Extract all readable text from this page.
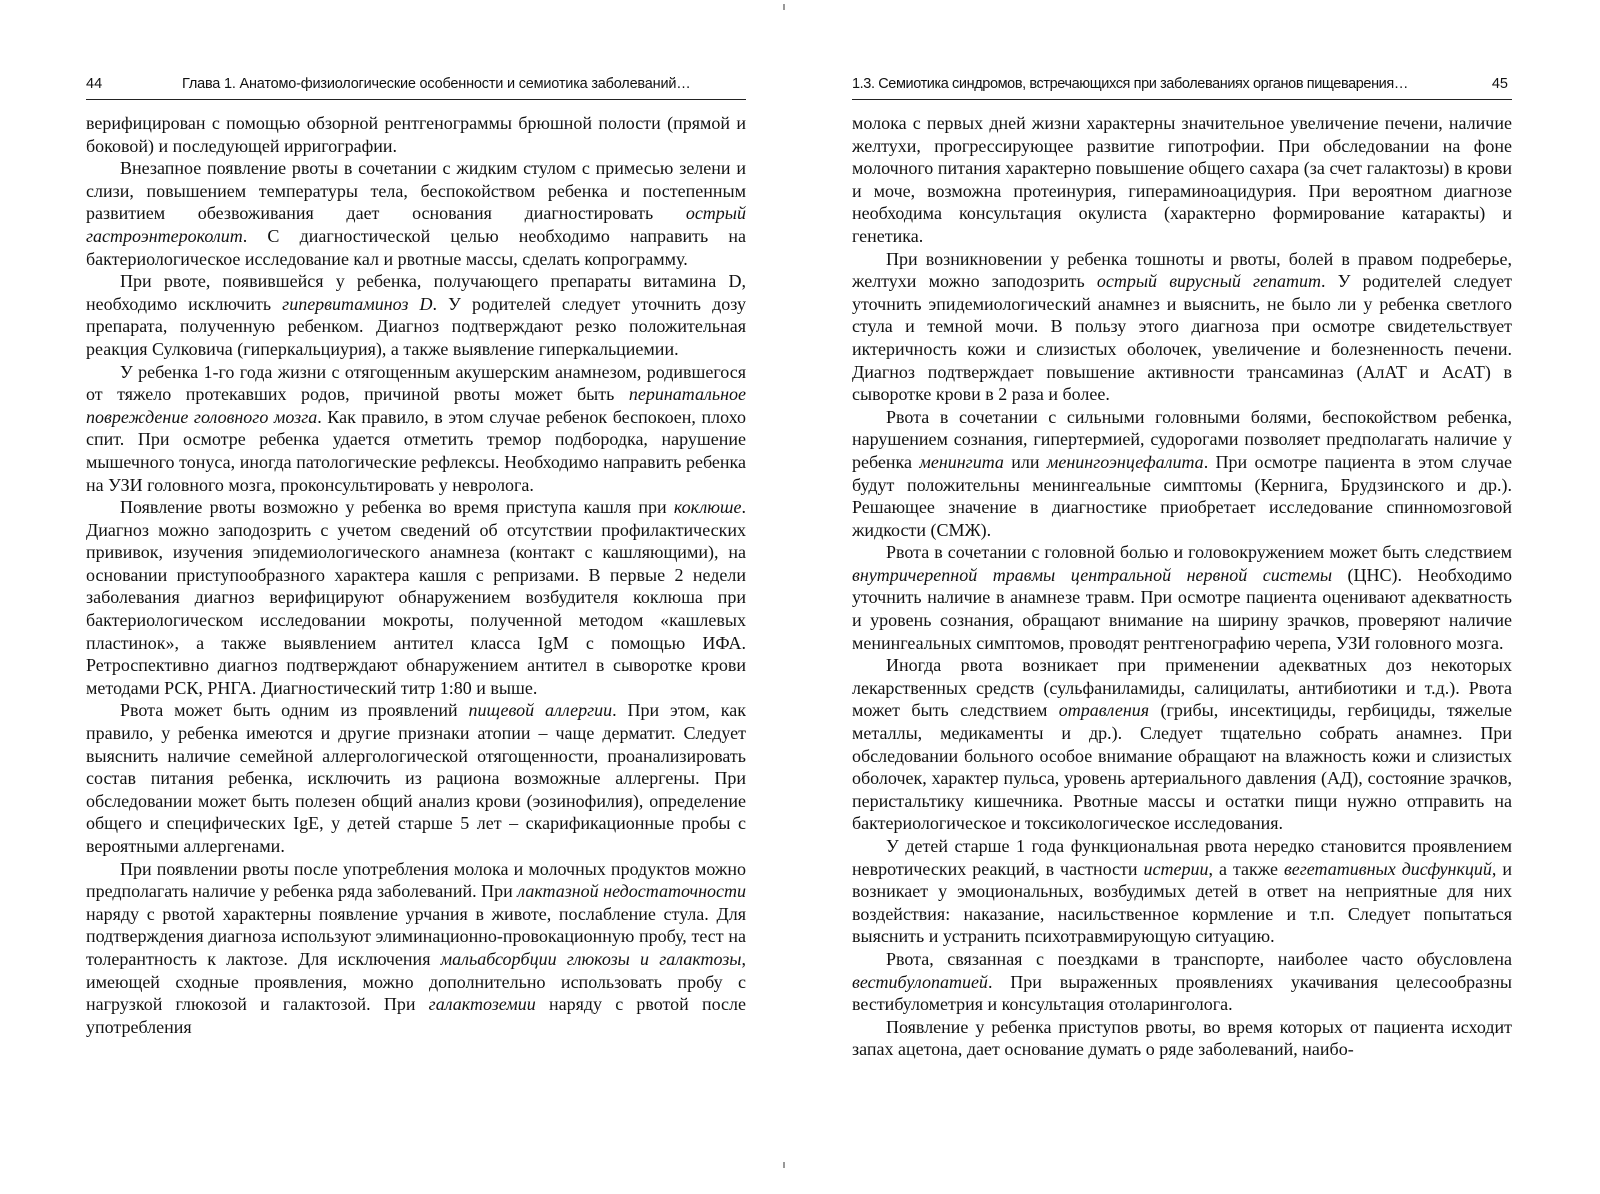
44	Глава 1. Анатомо-физиологические особенности и семиотика заболеваний…

верифицирован с помощью обзорной рентгенограммы брюшной полости (прямой и боковой) и последующей ирригографии.

Внезапное появление рвоты в сочетании с жидким стулом с примесью зелени и слизи, повышением температуры тела, беспокойством ребенка и постепенным развитием обезвоживания дает основания диагностировать острый гастроэнтероколит. С диагностической целью необходимо направить на бактериологическое исследование кал и рвотные массы, сделать копрограмму.

При рвоте, появившейся у ребенка, получающего препараты витамина D, необходимо исключить гипервитаминоз D. У родителей следует уточнить дозу препарата, полученную ребенком. Диагноз подтверждают резко положительная реакция Сулковича (гиперкальциурия), а также выявление гиперкальциемии.

У ребенка 1-го года жизни с отягощенным акушерским анамнезом, родившегося от тяжело протекавших родов, причиной рвоты может быть перинатальное повреждение головного мозга. Как правило, в этом случае ребенок беспокоен, плохо спит. При осмотре ребенка удается отметить тремор подбородка, нарушение мышечного тонуса, иногда патологические рефлексы. Необходимо направить ребенка на УЗИ головного мозга, проконсультировать у невролога.

Появление рвоты возможно у ребенка во время приступа кашля при коклюше. Диагноз можно заподозрить с учетом сведений об отсутствии профилактических прививок, изучения эпидемиологического анамнеза (контакт с кашляющими), на основании приступообразного характера кашля с репризами. В первые 2 недели заболевания диагноз верифицируют обнаружением возбудителя коклюша при бактериологическом исследовании мокроты, полученной методом «кашлевых пластинок», а также выявлением антител класса IgM с помощью ИФА. Ретроспективно диагноз подтверждают обнаружением антител в сыворотке крови методами РСК, РНГА. Диагностический титр 1:80 и выше.

Рвота может быть одним из проявлений пищевой аллергии. При этом, как правило, у ребенка имеются и другие признаки атопии – чаще дерматит. Следует выяснить наличие семейной аллергологической отягощенности, проанализировать состав питания ребенка, исключить из рациона возможные аллергены. При обследовании может быть полезен общий анализ крови (эозинофилия), определение общего и специфических IgE, у детей старше 5 лет – скарификационные пробы с вероятными аллергенами.

При появлении рвоты после употребления молока и молочных продуктов можно предполагать наличие у ребенка ряда заболеваний. При лактазной недостаточности наряду с рвотой характерны появление урчания в животе, послабление стула. Для подтверждения диагноза используют элиминационно-провокационную пробу, тест на толерантность к лактозе. Для исключения мальабсорбции глюкозы и галактозы, имеющей сходные проявления, можно дополнительно использовать пробу с нагрузкой глюкозой и галактозой. При галактоземии наряду с рвотой после употребления

1.3. Семиотика синдромов, встречающихся при заболеваниях органов пищеварения…	45

молока с первых дней жизни характерны значительное увеличение печени, наличие желтухи, прогрессирующее развитие гипотрофии. При обследовании на фоне молочного питания характерно повышение общего сахара (за счет галактозы) в крови и моче, возможна протеинурия, гипераминоацидурия. При вероятном диагнозе необходима консультация окулиста (характерно формирование катаракты) и генетика.

При возникновении у ребенка тошноты и рвоты, болей в правом подреберье, желтухи можно заподозрить острый вирусный гепатит. У родителей следует уточнить эпидемиологический анамнез и выяснить, не было ли у ребенка светлого стула и темной мочи. В пользу этого диагноза при осмотре свидетельствует иктеричность кожи и слизистых оболочек, увеличение и болезненность печени. Диагноз подтверждает повышение активности трансаминаз (АлАТ и АсАТ) в сыворотке крови в 2 раза и более.

Рвота в сочетании с сильными головными болями, беспокойством ребенка, нарушением сознания, гипертермией, судорогами позволяет предполагать наличие у ребенка менингита или менингоэнцефалита. При осмотре пациента в этом случае будут положительны менингеальные симптомы (Кернига, Брудзинского и др.). Решающее значение в диагностике приобретает исследование спинномозговой жидкости (СМЖ).

Рвота в сочетании с головной болью и головокружением может быть следствием внутричерепной травмы центральной нервной системы (ЦНС). Необходимо уточнить наличие в анамнезе травм. При осмотре пациента оценивают адекватность и уровень сознания, обращают внимание на ширину зрачков, проверяют наличие менингеальных симптомов, проводят рентгенографию черепа, УЗИ головного мозга.

Иногда рвота возникает при применении адекватных доз некоторых лекарственных средств (сульфаниламиды, салицилаты, антибиотики и т.д.). Рвота может быть следствием отравления (грибы, инсектициды, гербициды, тяжелые металлы, медикаменты и др.). Следует тщательно собрать анамнез. При обследовании больного особое внимание обращают на влажность кожи и слизистых оболочек, характер пульса, уровень артериального давления (АД), состояние зрачков, перистальтику кишечника. Рвотные массы и остатки пищи нужно отправить на бактериологическое и токсикологическое исследования.

У детей старше 1 года функциональная рвота нередко становится проявлением невротических реакций, в частности истерии, а также вегетативных дисфункций, и возникает у эмоциональных, возбудимых детей в ответ на неприятные для них воздействия: наказание, насильственное кормление и т.п. Следует попытаться выяснить и устранить психотравмирующую ситуацию.

Рвота, связанная с поездками в транспорте, наиболее часто обусловлена вестибулопатией. При выраженных проявлениях укачивания целесообразны вестибулометрия и консультация отоларинголога.

Появление у ребенка приступов рвоты, во время которых от пациента исходит запах ацетона, дает основание думать о ряде заболеваний, наибо-
